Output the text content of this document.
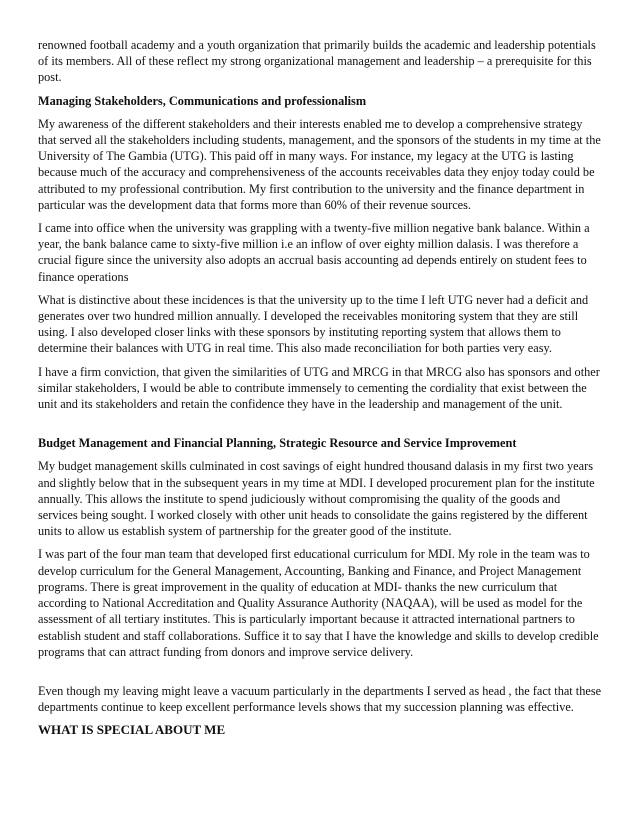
renowned football academy and a youth organization that primarily builds the academic and leadership potentials of its members. All of these reflect my strong organizational management and leadership – a prerequisite for this post.

Managing Stakeholders, Communications and professionalism

My awareness of the different stakeholders and their interests enabled me to develop a comprehensive strategy that served all the stakeholders including students, management, and the sponsors of the students in my time at the University of The Gambia (UTG). This paid off in many ways. For instance, my legacy at the UTG is lasting because much of the accuracy and comprehensiveness of the accounts receivables data they enjoy today could be attributed to my professional contribution. My first contribution to the university and the finance department in particular was the development data that forms more than 60% of their revenue sources.

I came into office when the university was grappling with a twenty-five million negative bank balance. Within a year, the bank balance came to sixty-five million i.e an inflow of over eighty million dalasis. I was therefore a crucial figure since the university also adopts an accrual basis accounting ad depends entirely on student fees to finance operations

What is distinctive about these incidences is that the university up to the time I left UTG never had a deficit and generates over two hundred million annually. I developed the receivables monitoring system that they are still using. I also developed closer links with these sponsors by instituting reporting system that allows them to determine their balances with UTG in real time. This also made reconciliation for both parties very easy.

I have a firm conviction, that given the similarities of UTG and MRCG in that MRCG also has sponsors and other similar stakeholders, I would be able to contribute immensely to cementing the cordiality that exist between the unit and its stakeholders and retain the confidence they have in the leadership and management of the unit.

Budget Management and Financial Planning, Strategic Resource and Service Improvement

My budget management skills culminated in cost savings of eight hundred thousand dalasis in my first two years and slightly below that in the subsequent years in my time at MDI. I developed procurement plan for the institute annually. This allows the institute to spend judiciously without compromising the quality of the goods and services being sought. I worked closely with other unit heads to consolidate the gains registered by the different units to allow us establish system of partnership for the greater good of the institute.

I was part of the four man team that developed first educational curriculum for MDI. My role in the team was to develop curriculum for the General Management, Accounting, Banking and Finance, and Project Management programs. There is great improvement in the quality of education at MDI- thanks the new curriculum that according to National Accreditation and Quality Assurance Authority (NAQAA), will be used as model for the assessment of all tertiary institutes. This is particularly important because it attracted international partners to establish student and staff collaborations. Suffice it to say that I have the knowledge and skills to develop credible programs that can attract funding from donors and improve service delivery.

Even though my leaving might leave a vacuum particularly in the departments I served as head , the fact that these departments continue to keep excellent performance levels shows that my succession planning was effective.

WHAT IS SPECIAL ABOUT ME
